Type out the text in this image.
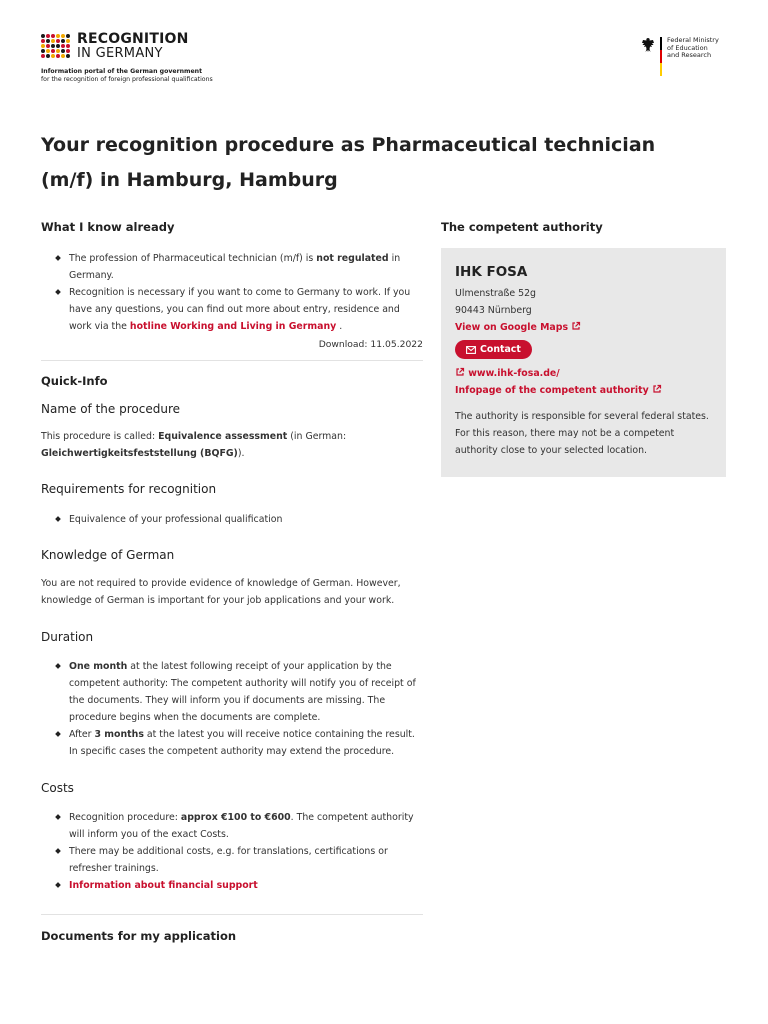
RECOGNITION
IN GERMANY
Information portal of the German government
for the recognition of foreign professional qualifications
Federal Ministry
of Education
and Research
Your recognition procedure as Pharmaceutical technician (m/f) in Hamburg, Hamburg
What I know already
The profession of Pharmaceutical technician (m/f) is not regulated in Germany.
Recognition is necessary if you want to come to Germany to work. If you have any questions, you can find out more about entry, residence and work via the hotline Working and Living in Germany .
Download: 11.05.2022
Quick-Info
Name of the procedure

This procedure is called: Equivalence assessment (in German: Gleichwertigkeitsfeststellung (BQFG)).

Requirements for recognition
Equivalence of your professional qualification
Knowledge of German

You are not required to provide evidence of knowledge of German. However, knowledge of German is important for your job applications and your work.

Duration
One month at the latest following receipt of your application by the competent authority: The competent authority will notify you of receipt of the documents. They will inform you if documents are missing. The procedure begins when the documents are complete.
After 3 months at the latest you will receive notice containing the result. In specific cases the competent authority may extend the procedure.
Costs
Recognition procedure: approx €100 to €600. The competent authority will inform you of the exact Costs.
There may be additional costs, e.g. for translations, certifications or refresher trainings.
Information about financial support
Documents for my application
The competent authority
IHK FOSA
Ulmenstraße 52g
90443 Nürnberg
View on Google Maps
Contact
www.ihk-fosa.de/
Infopage of the competent authority

The authority is responsible for several federal states. For this reason, there may not be a competent authority close to your selected location.
